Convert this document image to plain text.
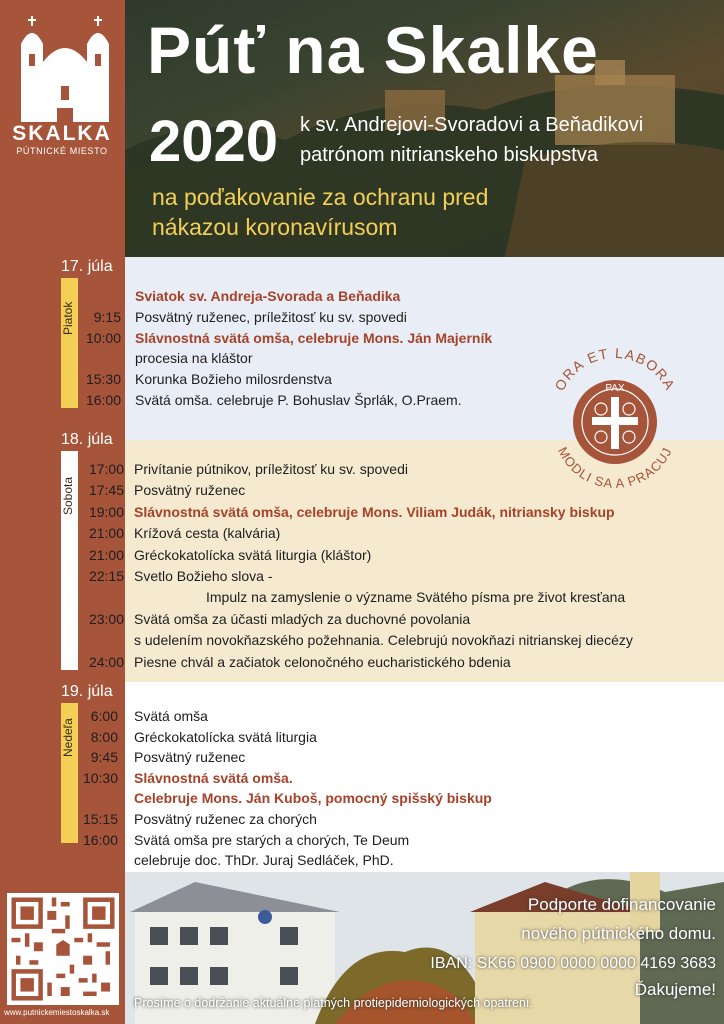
SKALKA
PÚTNICKÉ MIESTO
Púť na Skalke
2020 k sv. Andrejovi-Svoradovi a Beňadikovi
patrónom nitrianskeho biskupstva
na poďakovanie za ochranu pred
nákazou koronavírusom
17. júla
Piatok
18. júla
Sobota
19. júla
Nedeľa
Sviatok sv. Andreja-Svorada a Beňadika
9:15 Posvätný ruženec, príležitosť ku sv. spovedi
10:00 Slávnostná svätá omša, celebruje Mons. Ján Majerník
procesia na kláštor
15:30 Korunka Božieho milosrdenstva
16:00 Svätá omša. celebruje P. Bohuslav Šprlák, O.Praem.
17:00 Privítanie pútnikov, príležitosť ku sv. spovedi
17:45 Posvätný ruženec
19:00 Slávnostná svätá omša, celebruje Mons. Viliam Judák, nitriansky biskup
21:00 Krížová cesta (kalvária)
21:00 Gréckokatolícka svätá liturgia (kláštor)
22:15 Svetlo Božieho slova -
Impulz na zamyslenie o význame Svätého písma pre život kresťana
23:00 Svätá omša za účasti mladých za duchovné povolania
s udelením novokňazského požehnania. Celebrujú novokňazi nitrianskej diecézy
24:00 Piesne chvál a začiatok celonočného eucharistického bdenia
6:00 Svätá omša
8:00 Gréckokatolícka svätá liturgia
9:45 Posvätný ruženec
10:30 Slávnostná svätá omša.
Celebruje Mons. Ján Kuboš, pomocný spišský biskup
15:15 Posvätný ruženec za chorých
16:00 Svätá omša pre starých a chorých, Te Deum
celebruje doc. ThDr. Juraj Sedláček, PhD.
ORA ET LABORA
MODLI SA A PRACUJ
PAX
Podporte dofinancovanie
nového pútnického domu.
IBAN: SK66 0900 0000 0000 4169 3683
Ďakujeme!
Prosíme o dodržanie aktuálne platných protiepidemiologických opatrení.
www.putnickemiestoskalka.sk
